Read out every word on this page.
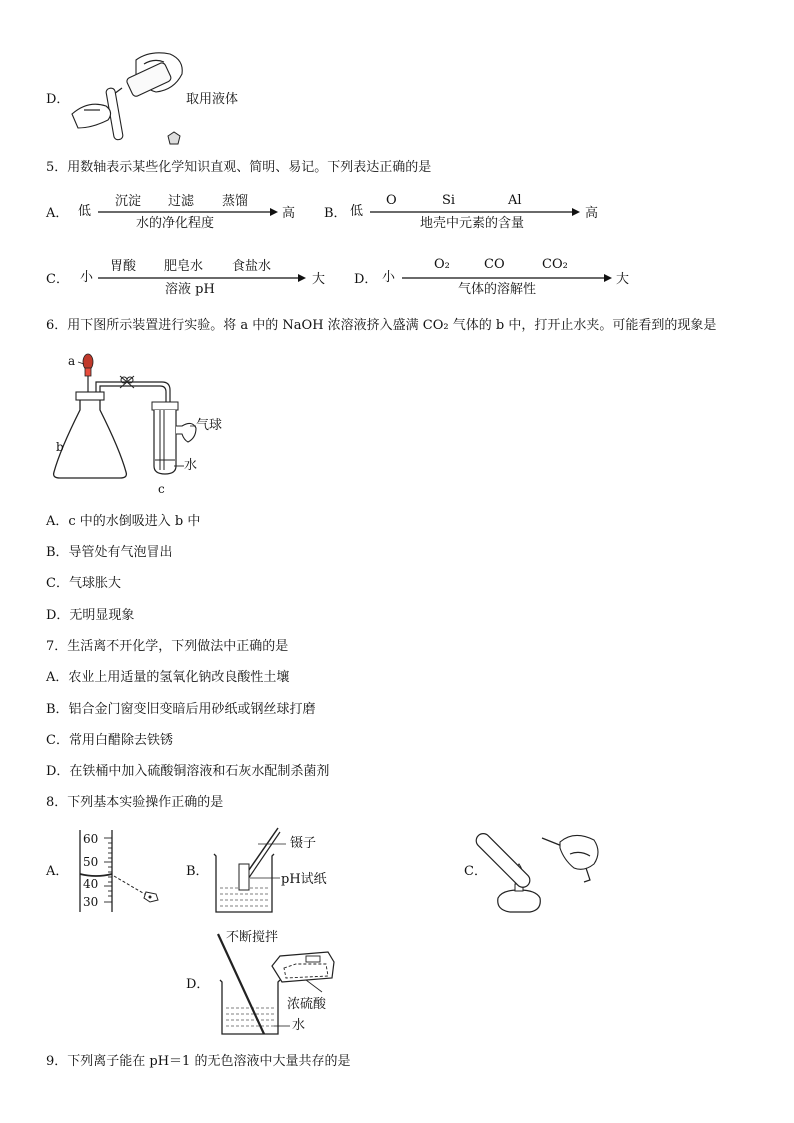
D．	取用液体
5．用数轴表示某些化学知识直观、简明、易记。下列表达正确的是
A． 低
沉淀 过滤 蒸馏
水的净化程度
高 B． 低
O	Si	Al
地壳中元素的含量
高
C． 小
胃酸 肥皂水 食盐水
溶液 pH
大 D． 小
O₂	CO	CO₂
气体的溶解性
大
6．用下图所示装置进行实验。将 a 中的 NaOH 浓溶液挤入盛满 CO₂ 气体的 b 中，打开止水夹。可能看到的现象是
a
b
c
气球
水
A．c 中的水倒吸进入 b 中
B．导管处有气泡冒出
C．气球胀大
D．无明显现象
7．生活离不开化学，下列做法中正确的是
A．农业上用适量的氢氧化钠改良酸性土壤
B．铝合金门窗变旧变暗后用砂纸或钢丝球打磨
C．常用白醋除去铁锈
D．在铁桶中加入硫酸铜溶液和石灰水配制杀菌剂
8．下列基本实验操作正确的是
A．
60
50
40
30
B．
镊子
pH试纸
C．
D．
不断搅拌
浓硫酸
水
9．下列离子能在 pH＝1 的无色溶液中大量共存的是
